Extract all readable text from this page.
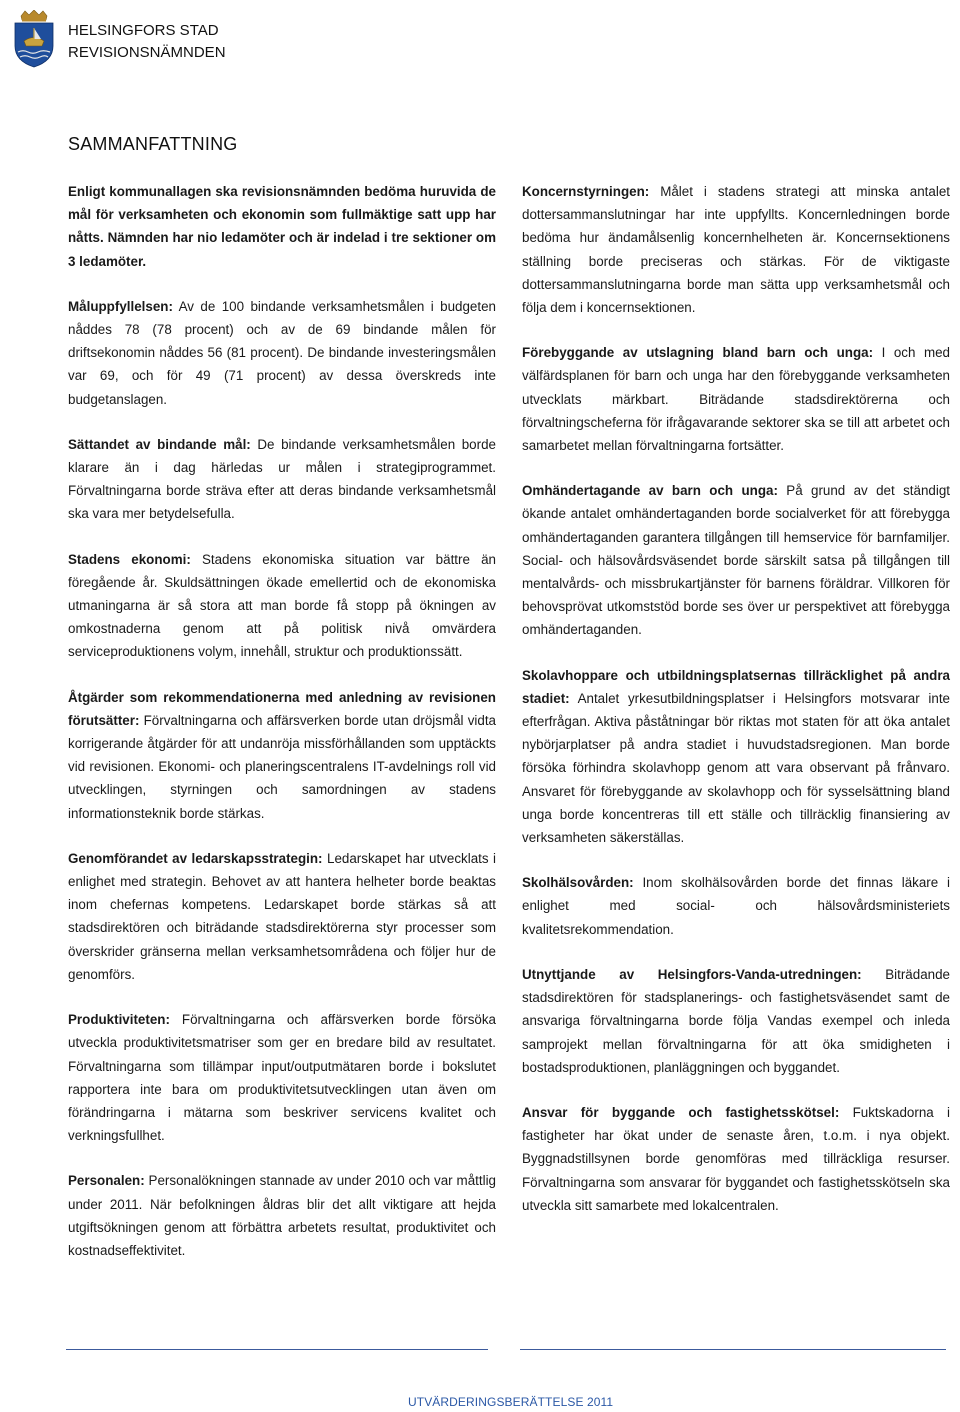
HELSINGFORS STAD
REVISIONSNÄMNDEN
SAMMANFATTNING

Enligt kommunallagen ska revisionsnämnden bedöma huruvida de mål för verksamheten och ekonomin som fullmäktige satt upp har nåtts. Nämnden har nio ledamöter och är indelad i tre sektioner om 3 ledamöter.

Måluppfyllelsen: Av de 100 bindande verksamhetsmålen i budgeten nåddes 78 (78 procent) och av de 69 bindande målen för driftsekonomin nåddes 56 (81 procent). De bindande investeringsmålen var 69, och för 49 (71 procent) av dessa överskreds inte budgetanslagen.

Sättandet av bindande mål: De bindande verksamhetsmålen borde klarare än i dag härledas ur målen i strategiprogrammet. Förvaltningarna borde sträva efter att deras bindande verksamhetsmål ska vara mer betydelsefulla.

Stadens ekonomi: Stadens ekonomiska situation var bättre än föregående år. Skuldsättningen ökade emellertid och de ekonomiska utmaningarna är så stora att man borde få stopp på ökningen av omkostnaderna genom att på politisk nivå omvärdera serviceproduktionens volym, innehåll, struktur och produktionssätt.

Åtgärder som rekommendationerna med anledning av revisionen förutsätter: Förvaltningarna och affärsverken borde utan dröjsmål vidta korrigerande åtgärder för att undanröja missförhållanden som upptäckts vid revisionen. Ekonomi- och planeringscentralens IT-avdelnings roll vid utvecklingen, styrningen och samordningen av stadens informationsteknik borde stärkas.

Genomförandet av ledarskapsstrategin: Ledarskapet har utvecklats i enlighet med strategin. Behovet av att hantera helheter borde beaktas inom chefernas kompetens. Ledarskapet borde stärkas så att stadsdirektören och biträdande stadsdirektörerna styr processer som överskrider gränserna mellan verksamhetsområdena och följer hur de genomförs.

Produktiviteten: Förvaltningarna och affärsverken borde försöka utveckla produktivitetsmatriser som ger en bredare bild av resultatet. Förvaltningarna som tillämpar input/outputmätaren borde i bokslutet rapportera inte bara om produktivitetsutvecklingen utan även om förändringarna i mätarna som beskriver servicens kvalitet och verkningsfullhet.

Personalen: Personalökningen stannade av under 2010 och var måttlig under 2011. När befolkningen åldras blir det allt viktigare att hejda utgiftsökningen genom att förbättra arbetets resultat, produktivitet och kostnadseffektivitet.

Koncernstyrningen: Målet i stadens strategi att minska antalet dottersammanslutningar har inte uppfyllts. Koncernledningen borde bedöma hur ändamålsenlig koncernhelheten är. Koncernsektionens ställning borde preciseras och stärkas. För de viktigaste dottersammanslutningarna borde man sätta upp verksamhetsmål och följa dem i koncernsektionen.

Förebyggande av utslagning bland barn och unga: I och med välfärdsplanen för barn och unga har den förebyggande verksamheten utvecklats märkbart. Biträdande stadsdirektörerna och förvaltningscheferna för ifrågavarande sektorer ska se till att arbetet och samarbetet mellan förvaltningarna fortsätter.

Omhändertagande av barn och unga: På grund av det ständigt ökande antalet omhändertaganden borde socialverket för att förebygga omhändertaganden garantera tillgången till hemservice för barnfamiljer. Social- och hälsovårdsväsendet borde särskilt satsa på tillgången till mentalvårds- och missbrukartjänster för barnens föräldrar. Villkoren för behovsprövat utkomststöd borde ses över ur perspektivet att förebygga omhändertaganden.

Skolavhoppare och utbildningsplatsernas tillräcklighet på andra stadiet: Antalet yrkesutbildningsplatser i Helsingfors motsvarar inte efterfrågan. Aktiva påståtningar bör riktas mot staten för att öka antalet nybörjarplatser på andra stadiet i huvudstadsregionen. Man borde försöka förhindra skolavhopp genom att vara observant på frånvaro. Ansvaret för förebyggande av skolavhopp och för sysselsättning bland unga borde koncentreras till ett ställe och tillräcklig finansiering av verksamheten säkerställas.

Skolhälsovården: Inom skolhälsovården borde det finnas läkare i enlighet med social- och hälsovårdsministeriets kvalitetsrekommendation.

Utnyttjande av Helsingfors-Vanda-utredningen: Biträdande stadsdirektören för stadsplanerings- och fastighetsväsendet samt de ansvariga förvaltningarna borde följa Vandas exempel och inleda samprojekt mellan förvaltningarna för att öka smidigheten i bostadsproduktionen, planläggningen och byggandet.

Ansvar för byggande och fastighetsskötsel: Fuktskadorna i fastigheter har ökat under de senaste åren, t.o.m. i nya objekt. Byggnadstillsynen borde genomföras med tillräckliga resurser. Förvaltningarna som ansvarar för byggandet och fastighetsskötseln ska utveckla sitt samarbete med lokalcentralen.

UTVÄRDERINGSBERÄTTELSE 2011
